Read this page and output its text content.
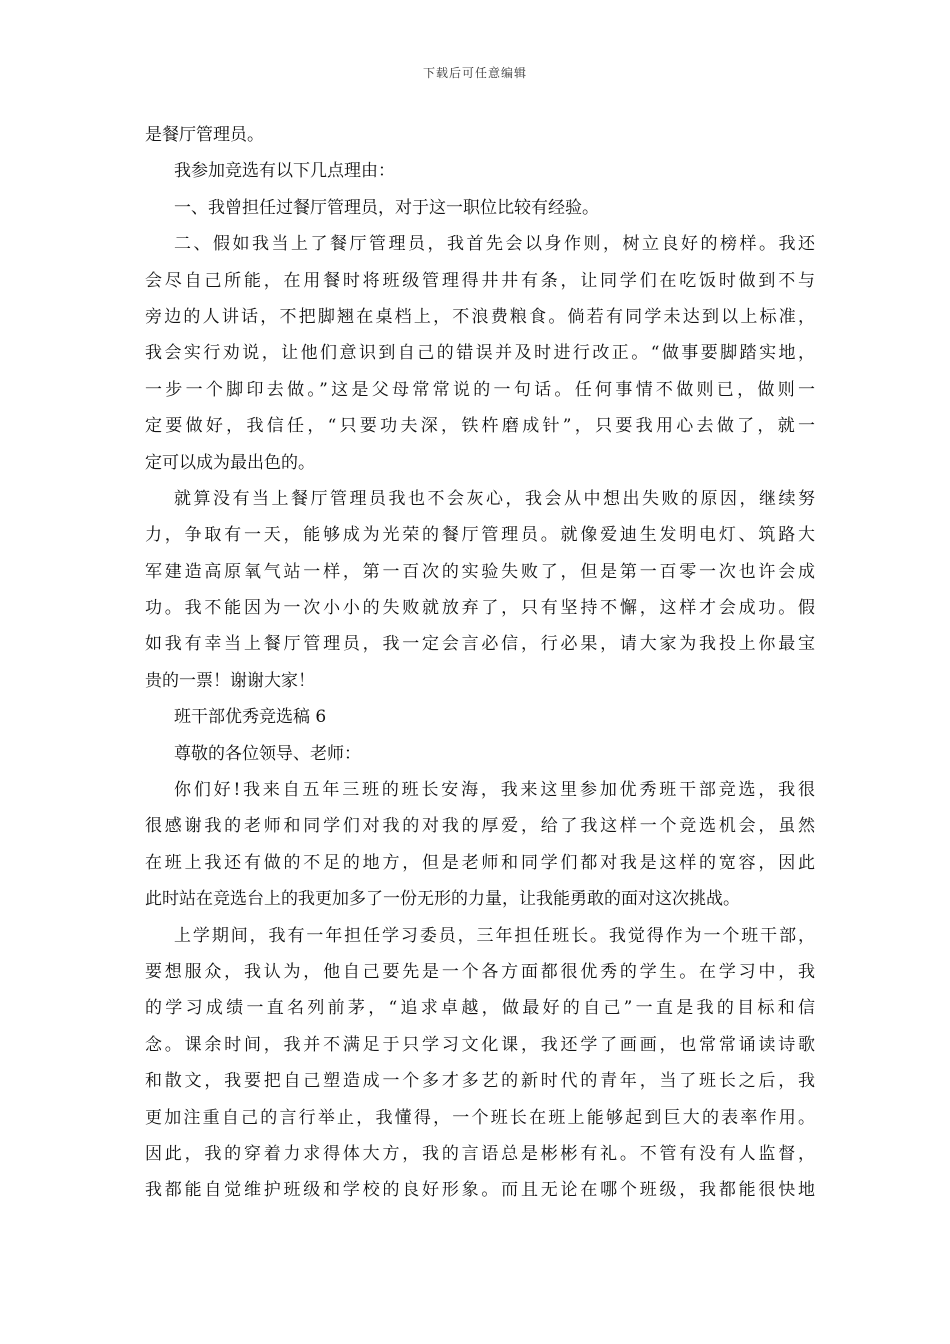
下载后可任意编辑
是餐厅管理员。
我参加竞选有以下几点理由：
一、我曾担任过餐厅管理员，对于这一职位比较有经验。
二、假如我当上了餐厅管理员，我首先会以身作则，树立良好的榜样。我还
会尽自己所能，在用餐时将班级管理得井井有条，让同学们在吃饭时做到不与
旁边的人讲话，不把脚翘在桌档上，不浪费粮食。倘若有同学未达到以上标准，
我会实行劝说，让他们意识到自己的错误并及时进行改正。“做事要脚踏实地，
一步一个脚印去做。”这是父母常常说的一句话。任何事情不做则已，做则一
定要做好，我信任，“只要功夫深，铁杵磨成针”，只要我用心去做了，就一
定可以成为最出色的。
就算没有当上餐厅管理员我也不会灰心，我会从中想出失败的原因，继续努
力，争取有一天，能够成为光荣的餐厅管理员。就像爱迪生发明电灯、筑路大
军建造高原氧气站一样，第一百次的实验失败了，但是第一百零一次也许会成
功。我不能因为一次小小的失败就放弃了，只有坚持不懈，这样才会成功。假
如我有幸当上餐厅管理员，我一定会言必信，行必果，请大家为我投上你最宝
贵的一票！谢谢大家！
班干部优秀竞选稿 6
尊敬的各位领导、老师：
你们好!我来自五年三班的班长安海，我来这里参加优秀班干部竞选，我很
很感谢我的老师和同学们对我的对我的厚爱，给了我这样一个竞选机会，虽然
在班上我还有做的不足的地方，但是老师和同学们都对我是这样的宽容，因此
此时站在竞选台上的我更加多了一份无形的力量，让我能勇敢的面对这次挑战。
上学期间，我有一年担任学习委员，三年担任班长。我觉得作为一个班干部，
要想服众，我认为，他自己要先是一个各方面都很优秀的学生。在学习中，我
的学习成绩一直名列前茅，“追求卓越，做最好的自己”一直是我的目标和信
念。课余时间，我并不满足于只学习文化课，我还学了画画，也常常诵读诗歌
和散文，我要把自己塑造成一个多才多艺的新时代的青年，当了班长之后，我
更加注重自己的言行举止，我懂得，一个班长在班上能够起到巨大的表率作用。
因此，我的穿着力求得体大方，我的言语总是彬彬有礼。不管有没有人监督，
我都能自觉维护班级和学校的良好形象。而且无论在哪个班级，我都能很快地
